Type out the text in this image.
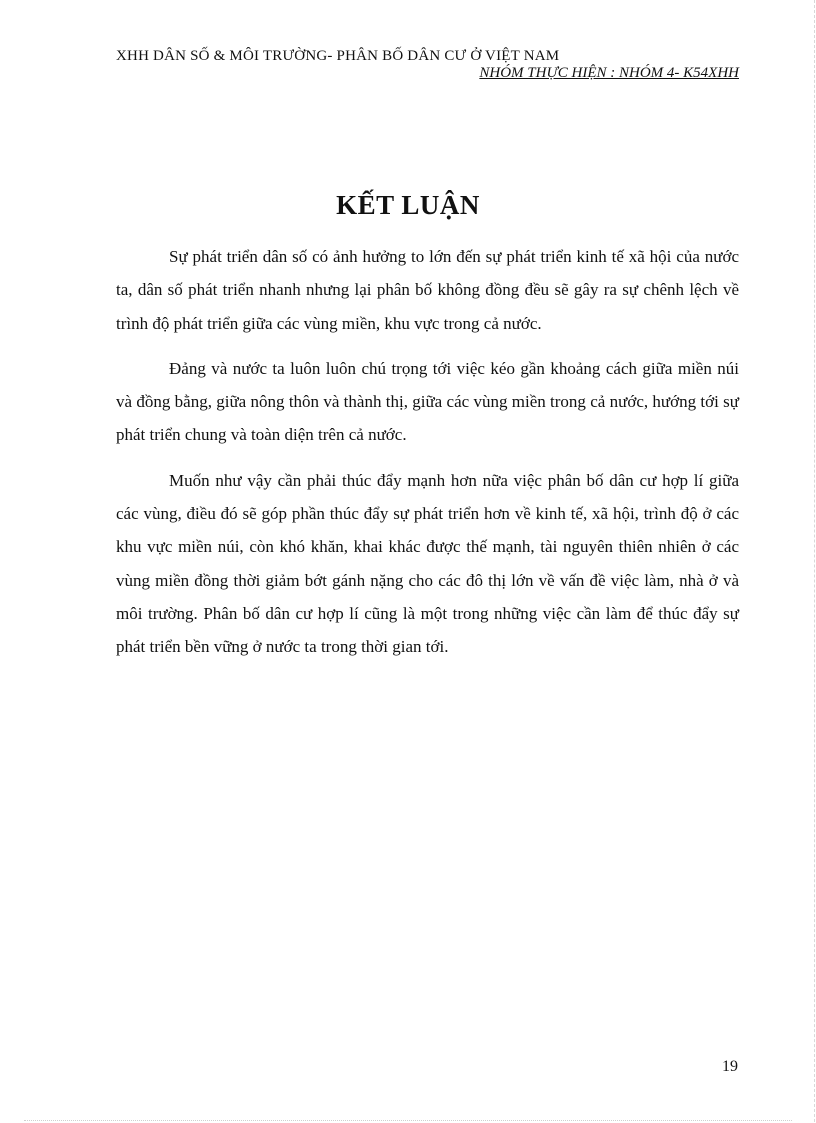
XHH DÂN SỐ & MÔI TRƯỜNG- PHÂN BỐ DÂN CƯ Ở VIỆT NAM
NHÓM THỰC HIỆN : NHÓM 4- K54XHH
KẾT LUẬN

Sự phát triển dân số có ảnh hưởng to lớn đến sự phát triển kinh tế xã hội của nước ta, dân số phát triển nhanh nhưng lại phân bố không đồng đều sẽ gây ra sự chênh lệch về trình độ phát triển giữa các vùng miền, khu vực trong cả nước.

Đảng và nước ta luôn luôn chú trọng tới việc kéo gần khoảng cách giữa miền núi và đồng bằng, giữa nông thôn và thành thị, giữa các vùng miền trong cả nước, hướng tới sự phát triển chung và toàn diện trên cả nước.

Muốn như vậy cần phải thúc đẩy mạnh hơn nữa việc phân bố dân cư hợp lí giữa các vùng, điều đó sẽ góp phần thúc đẩy sự phát triển hơn về kinh tế, xã hội, trình độ ở các khu vực miền núi, còn khó khăn, khai khác được thế mạnh, tài nguyên thiên nhiên ở các vùng miền đồng thời giảm bớt gánh nặng cho các đô thị lớn về vấn đề việc làm, nhà ở và môi trường. Phân bố dân cư hợp lí cũng là một trong những việc cần làm để thúc đẩy sự phát triển bền vững ở nước ta trong thời gian tới.

19
